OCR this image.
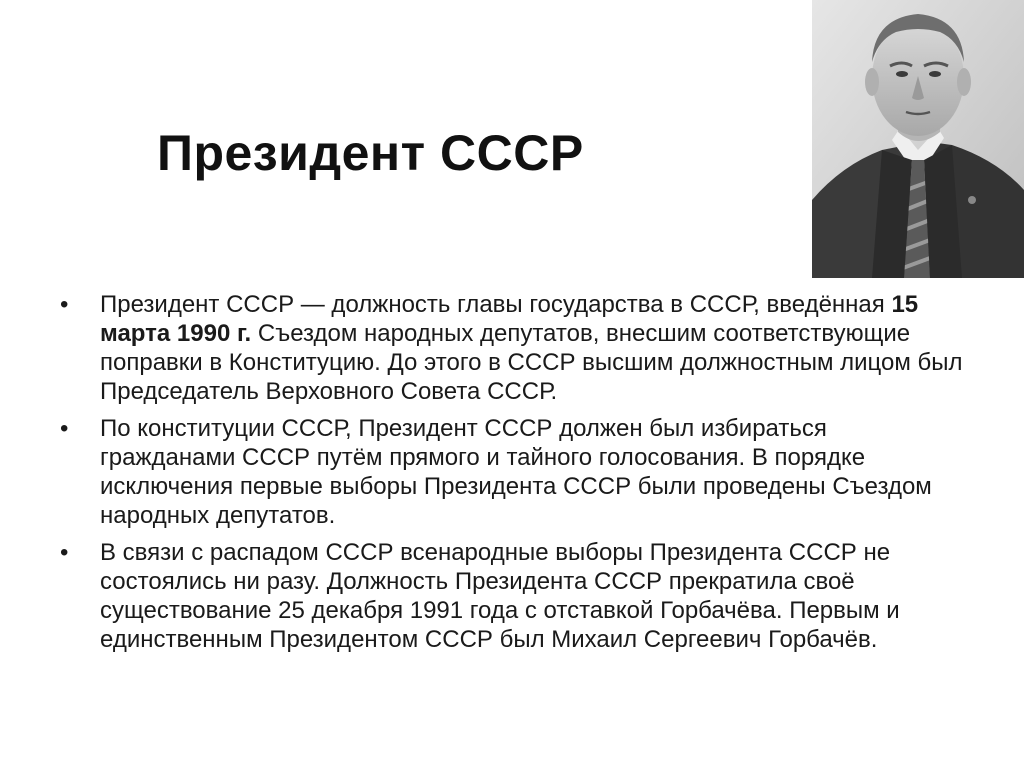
Президент СССР
•	Президент СССР — должность главы государства в СССР, введённая 15 марта 1990 г. Съездом народных депутатов, внесшим соответствующие поправки в Конституцию. До этого в СССР высшим должностным лицом был Председатель Верховного Совета СССР.
•	По конституции СССР, Президент СССР должен был избираться гражданами СССР путём прямого и тайного голосования. В порядке исключения первые выборы Президента СССР были проведены Съездом народных депутатов.
•	В связи с распадом СССР всенародные выборы Президента СССР не состоялись ни разу. Должность Президента СССР прекратила своё существование 25 декабря 1991 года с отставкой Горбачёва. Первым и единственным Президентом СССР был Михаил Сергеевич Горбачёв.
